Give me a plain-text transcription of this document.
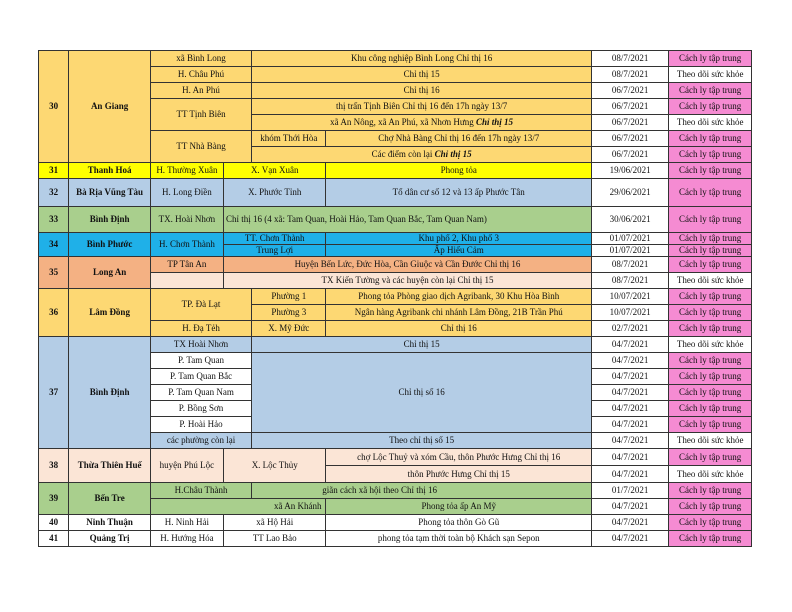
30	An Giang	xã Bình Long		Khu công nghiệp Bình Long Chỉ thị 16		08/7/2021	Cách ly tập trung
		H. Châu Phú		Chỉ thị 15		08/7/2021	Theo dõi sức khỏe
		H. An Phú		Chỉ thị 16		06/7/2021	Cách ly tập trung
		TT Tịnh Biên		thị trấn Tịnh Biên Chỉ thị 16 đến 17h ngày 13/7		06/7/2021	Cách ly tập trung
				xã An Nông, xã An Phú, xã Nhơn Hưng Chỉ thị 15		06/7/2021	Theo dõi sức khỏe
		TT Nhà Bàng		khóm Thới Hòa	Chợ Nhà Bàng Chỉ thị 16 đến 17h ngày 13/7	06/7/2021	Cách ly tập trung
				Các điểm còn lại Chỉ thị 15		06/7/2021	Cách ly tập trung
31	Thanh Hoá	H. Thường Xuân	X. Vạn Xuân		Phong tỏa	19/06/2021	Cách ly tập trung
32	Bà Rịa Vũng Tàu	H. Long Điền	X. Phước Tỉnh		Tổ dân cư số 12 và 13 ấp Phước Tân	29/06/2021	Cách ly tập trung
33	Bình Định	TX. Hoài Nhơn	Chỉ thị 16 (4 xã: Tam Quan, Hoài Hảo, Tam Quan Bắc, Tam Quan Nam)			30/06/2021	Cách ly tập trung
34	Bình Phước	H. Chơn Thành	TT. Chơn Thành		Khu phố 2, Khu phố 3	01/07/2021	Cách ly tập trung
			Trung Lợi		Ấp Hiếu Cảm	01/07/2021	Cách ly tập trung
35	Long An	TP Tân An	Huyện Bến Lức, Đức Hòa, Cần Giuộc và Cần Đước Chỉ thị 16			08/7/2021	Cách ly tập trung
			TX Kiến Tường và các huyện còn lại Chỉ thị 15			08/7/2021	Theo dõi sức khỏe
36	Lâm Đồng	TP. Đà Lạt		Phường 1	Phong tỏa Phòng giao dịch Agribank, 30 Khu Hòa Bình	10/07/2021	Cách ly tập trung
				Phường 3	Ngân hàng Agribank chi nhánh Lâm Đồng, 21B Trần Phú	10/07/2021	Cách ly tập trung
		H. Đạ Tẻh		X. Mỹ Đức	Chỉ thị 16	02/7/2021	Cách ly tập trung
37	Bình Định	TX Hoài Nhơn		Chỉ thị 15		04/7/2021	Theo dõi sức khỏe
		P. Tam Quan		Chỉ thị số 16		04/7/2021	Cách ly tập trung
		P. Tam Quan Bắc				04/7/2021	Cách ly tập trung
		P. Tam Quan Nam				04/7/2021	Cách ly tập trung
		P. Bồng Sơn				04/7/2021	Cách ly tập trung
		P. Hoài Hảo				04/7/2021	Cách ly tập trung
		các phường còn lại		Theo chỉ thị số 15		04/7/2021	Theo dõi sức khỏe
38	Thừa Thiên Huế	huyện Phú Lộc	X. Lộc Thủy		chợ Lộc Thuỷ và xóm Cầu, thôn Phước Hưng Chỉ thị 16	04/7/2021	Cách ly tập trung
					thôn Phước Hưng Chỉ thị 15	04/7/2021	Theo dõi sức khỏe
39	Bến Tre	H.Châu Thành		giãn cách xã hội theo Chỉ thị 16		01/7/2021	Cách ly tập trung
		xã An Khánh			Phong tỏa ấp An Mỹ	04/7/2021	Cách ly tập trung
40	Ninh Thuận	H. Ninh Hải	xã Hộ Hải		Phong tỏa thôn Gò Gũ	04/7/2021	Cách ly tập trung
41	Quảng Trị	H. Hướng Hóa	TT Lao Bảo		phong tỏa tạm thời toàn bộ Khách sạn Sepon	04/7/2021	Cách ly tập trung
